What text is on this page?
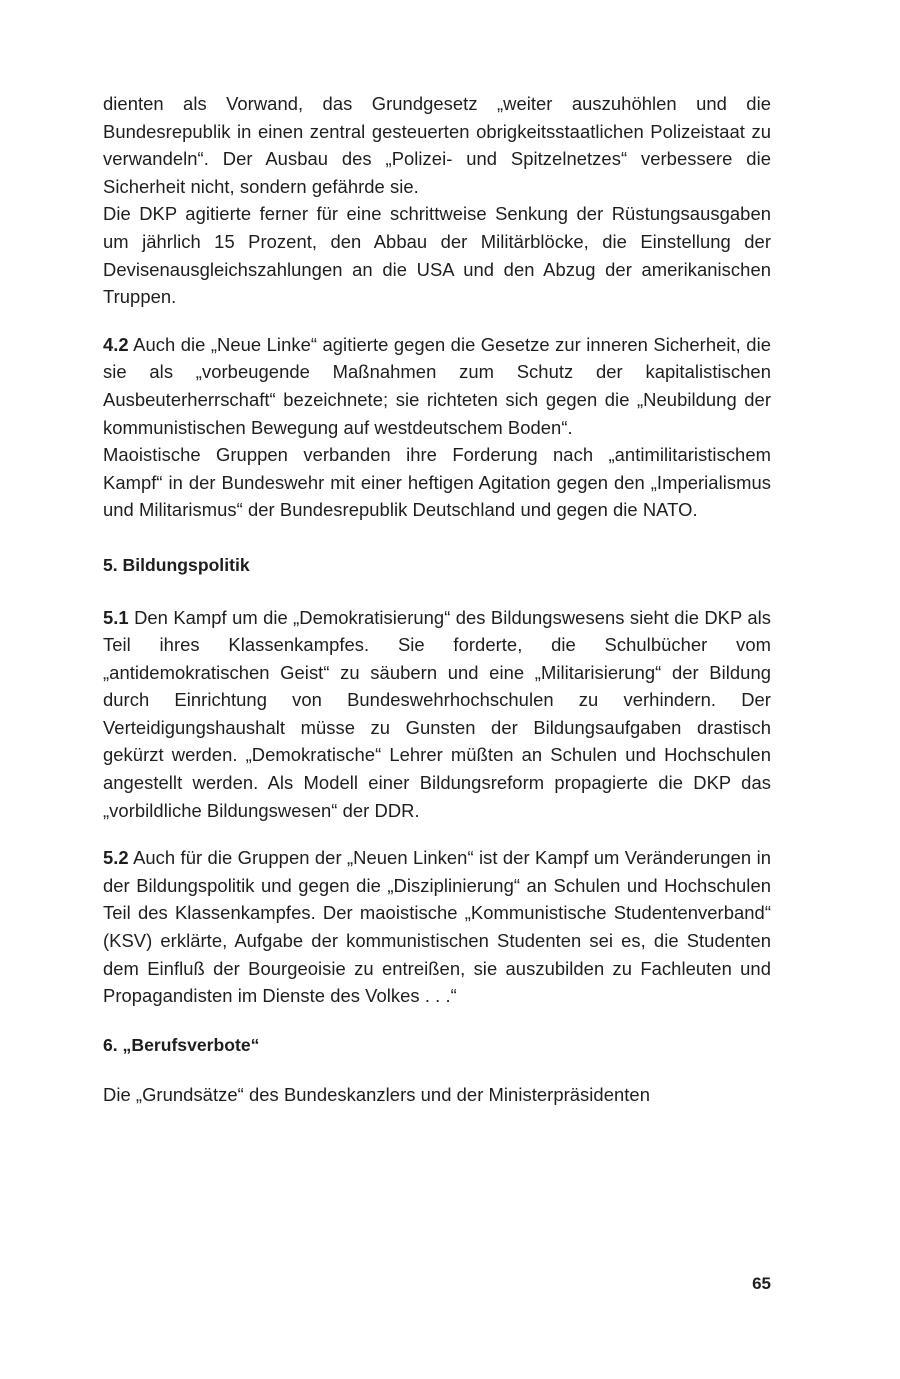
dienten als Vorwand, das Grundgesetz „weiter auszuhöhlen und die Bundesrepublik in einen zentral gesteuerten obrigkeitsstaatlichen Polizeistaat zu verwandeln“. Der Ausbau des „Polizei- und Spitzelnetzes“ verbessere die Sicherheit nicht, sondern gefährde sie.

Die DKP agitierte ferner für eine schrittweise Senkung der Rüstungsausgaben um jährlich 15 Prozent, den Abbau der Militärblöcke, die Einstellung der Devisenausgleichszahlungen an die USA und den Abzug der amerikanischen Truppen.

4.2 Auch die „Neue Linke“ agitierte gegen die Gesetze zur inneren Sicherheit, die sie als „vorbeugende Maßnahmen zum Schutz der kapitalistischen Ausbeuterherrschaft“ bezeichnete; sie richteten sich gegen die „Neubildung der kommunistischen Bewegung auf westdeutschem Boden“.

Maoistische Gruppen verbanden ihre Forderung nach „antimilitaristischem Kampf“ in der Bundeswehr mit einer heftigen Agitation gegen den „Imperialismus und Militarismus“ der Bundesrepublik Deutschland und gegen die NATO.

5. Bildungspolitik

5.1 Den Kampf um die „Demokratisierung“ des Bildungswesens sieht die DKP als Teil ihres Klassenkampfes. Sie forderte, die Schulbücher vom „antidemokratischen Geist“ zu säubern und eine „Militarisierung“ der Bildung durch Einrichtung von Bundeswehrhochschulen zu verhindern. Der Verteidigungshaushalt müsse zu Gunsten der Bildungsaufgaben drastisch gekürzt werden. „Demokratische“ Lehrer müßten an Schulen und Hochschulen angestellt werden. Als Modell einer Bildungsreform propagierte die DKP das „vorbildliche Bildungswesen“ der DDR.

5.2 Auch für die Gruppen der „Neuen Linken“ ist der Kampf um Veränderungen in der Bildungspolitik und gegen die „Disziplinierung“ an Schulen und Hochschulen Teil des Klassenkampfes. Der maoistische „Kommunistische Studentenverband“ (KSV) erklärte, Aufgabe der kommunistischen Studenten sei es, die Studenten dem Einfluß der Bourgeoisie zu entreißen, sie auszubilden zu Fachleuten und Propagandisten im Dienste des Volkes . . .“

6. „Berufsverbote“

Die „Grundsätze“ des Bundeskanzlers und der Ministerpräsidenten

65
